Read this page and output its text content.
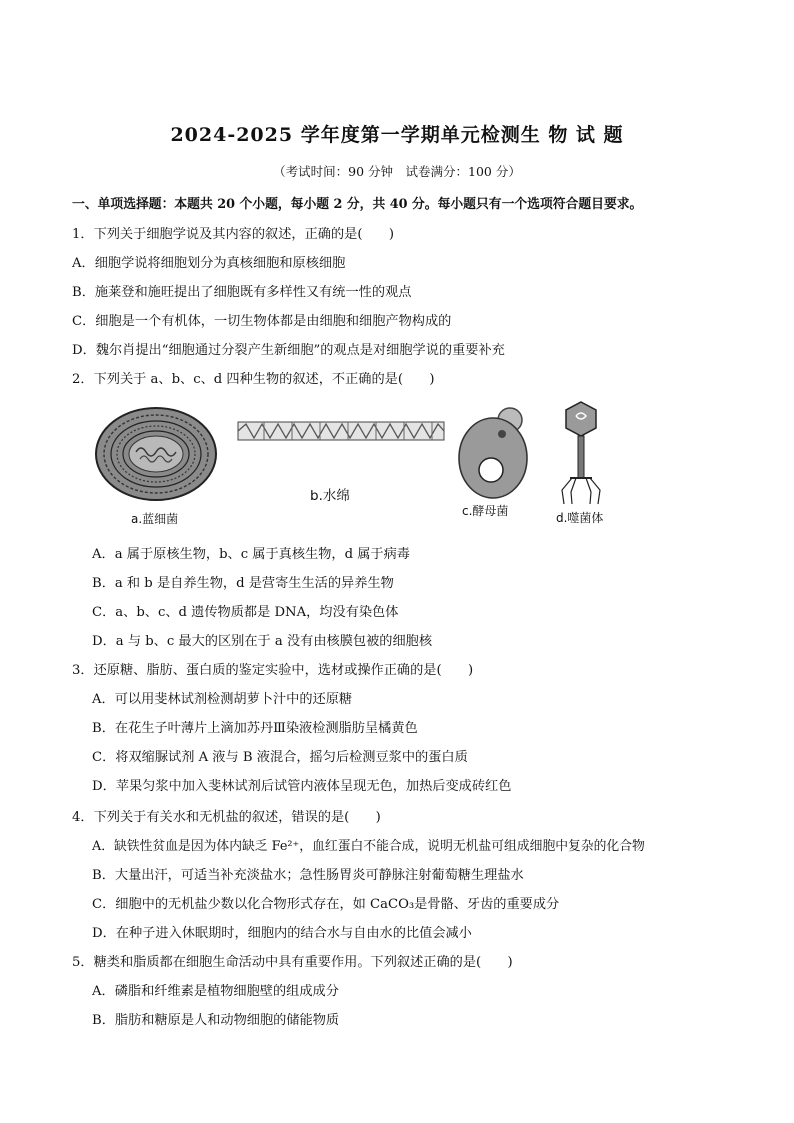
2024-2025 学年度第一学期单元检测生 物 试 题
（考试时间：90 分钟　试卷满分：100 分）
一、单项选择题：本题共 20 个小题，每小题 2 分，共 40 分。每小题只有一个选项符合题目要求。
1．下列关于细胞学说及其内容的叙述，正确的是(　　)
A．细胞学说将细胞划分为真核细胞和原核细胞
B．施莱登和施旺提出了细胞既有多样性又有统一性的观点
C．细胞是一个有机体，一切生物体都是由细胞和细胞产物构成的
D．魏尔肖提出“细胞通过分裂产生新细胞”的观点是对细胞学说的重要补充
2．下列关于 a、b、c、d 四种生物的叙述，不正确的是(　　)
a.蓝细菌
b.水绵
c.酵母菌	d.噬菌体
A．a 属于原核生物，b、c 属于真核生物，d 属于病毒
B．a 和 b 是自养生物，d 是营寄生生活的异养生物
C．a、b、c、d 遗传物质都是 DNA，均没有染色体
D．a 与 b、c 最大的区别在于 a 没有由核膜包被的细胞核
3．还原糖、脂肪、蛋白质的鉴定实验中，选材或操作正确的是(　　)
A．可以用斐林试剂检测胡萝卜汁中的还原糖
B．在花生子叶薄片上滴加苏丹Ⅲ染液检测脂肪呈橘黄色
C．将双缩脲试剂 A 液与 B 液混合，摇匀后检测豆浆中的蛋白质
D．苹果匀浆中加入斐林试剂后试管内液体呈现无色，加热后变成砖红色
4．下列关于有关水和无机盐的叙述，错误的是(　　)
A．缺铁性贫血是因为体内缺乏 Fe²⁺，血红蛋白不能合成，说明无机盐可组成细胞中复杂的化合物
B．大量出汗，可适当补充淡盐水；急性肠胃炎可静脉注射葡萄糖生理盐水
C．细胞中的无机盐少数以化合物形式存在，如 CaCO₃是骨骼、牙齿的重要成分
D．在种子进入休眠期时，细胞内的结合水与自由水的比值会减小
5．糖类和脂质都在细胞生命活动中具有重要作用。下列叙述正确的是(　　)
A．磷脂和纤维素是植物细胞壁的组成成分
B．脂肪和糖原是人和动物细胞的储能物质
